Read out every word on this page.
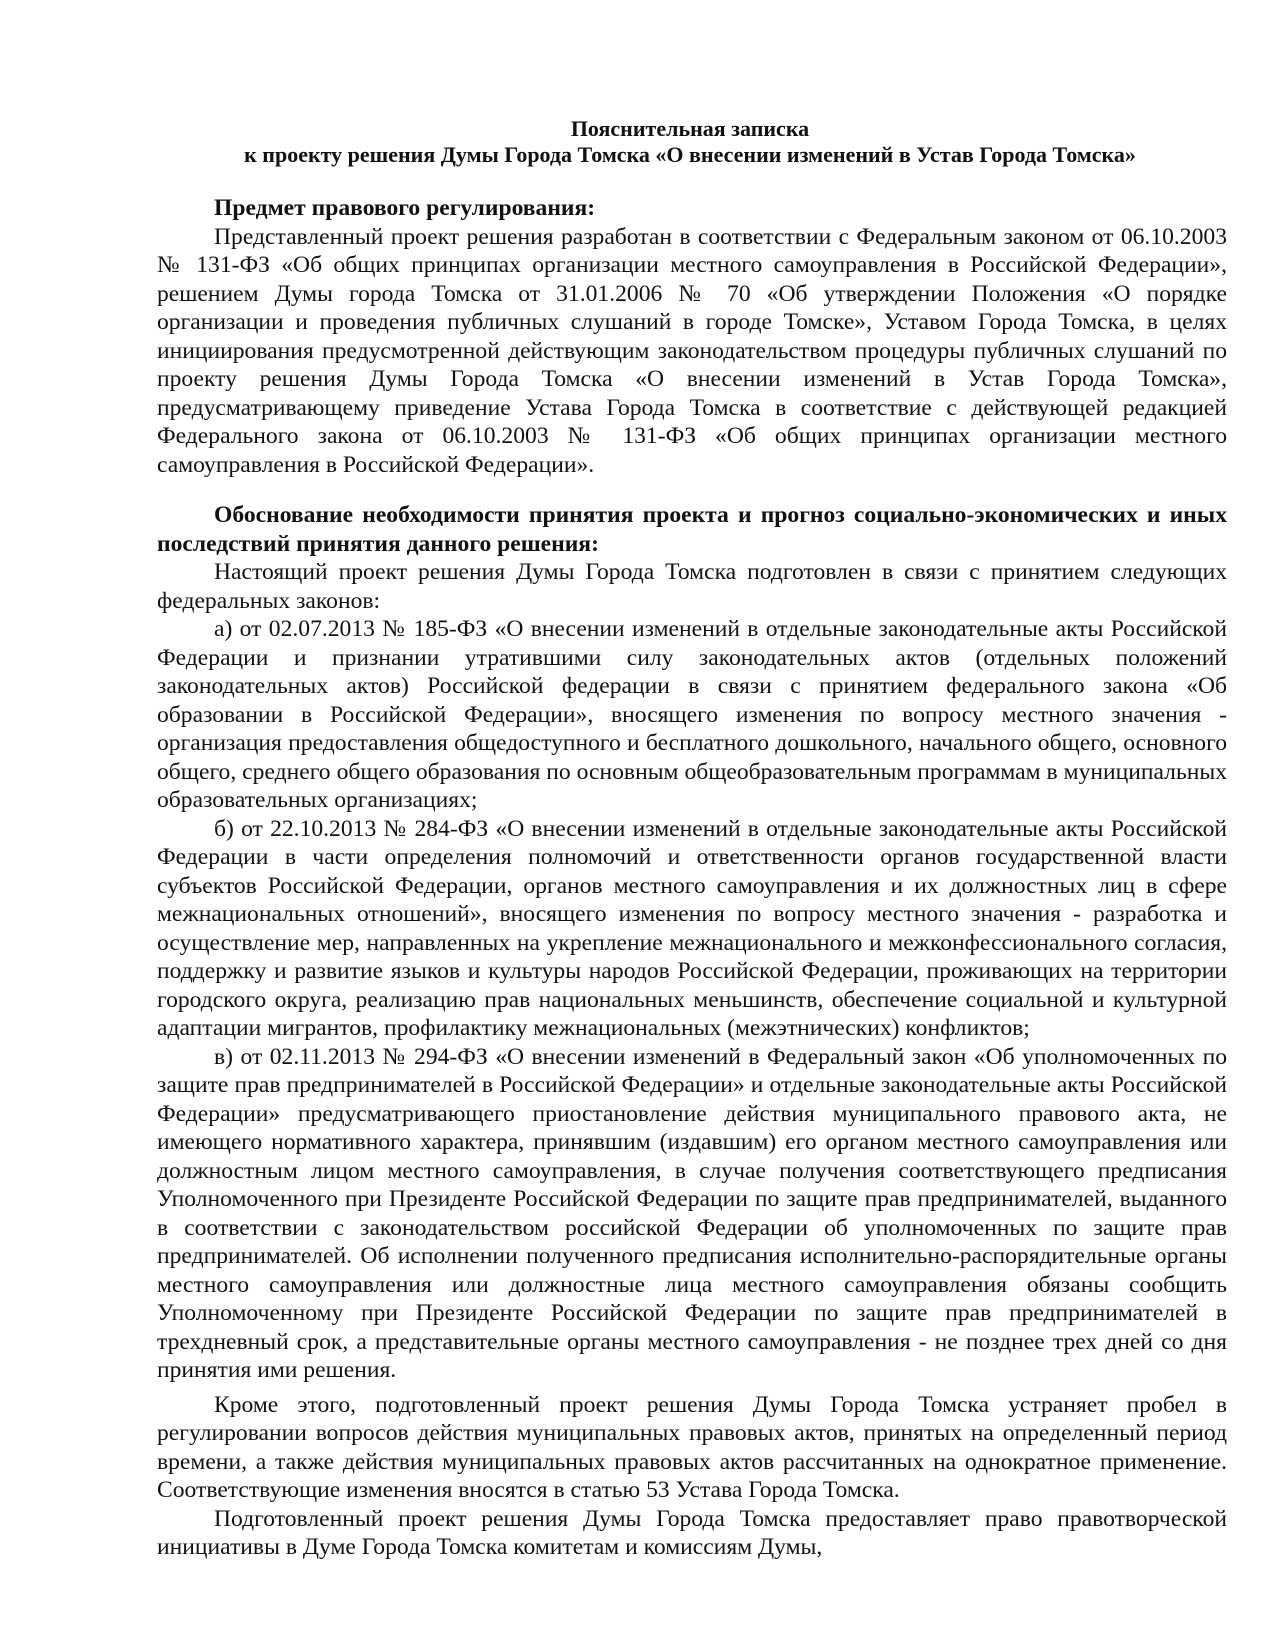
Пояснительная записка
к проекту решения Думы Города Томска «О внесении изменений в Устав Города Томска»

Предмет правового регулирования:

Представленный проект решения разработан в соответствии с Федеральным законом от 06.10.2003 № 131-ФЗ «Об общих принципах организации местного самоуправления в Российской Федерации», решением Думы города Томска от 31.01.2006 № 70 «Об утверждении Положения «О порядке организации и проведения публичных слушаний в городе Томске», Уставом Города Томска, в целях инициирования предусмотренной действующим законодательством процедуры публичных слушаний по проекту решения Думы Города Томска «О внесении изменений в Устав Города Томска», предусматривающему приведение Устава Города Томска в соответствие с действующей редакцией Федерального закона от 06.10.2003 № 131-ФЗ «Об общих принципах организации местного самоуправления в Российской Федерации».

Обоснование необходимости принятия проекта и прогноз социально-экономических и иных последствий принятия данного решения:

Настоящий проект решения Думы Города Томска подготовлен в связи с принятием следующих федеральных законов:

а) от 02.07.2013 № 185-ФЗ «О внесении изменений в отдельные законодательные акты Российской Федерации и признании утратившими силу законодательных актов (отдельных положений законодательных актов) Российской федерации в связи с принятием федерального закона «Об образовании в Российской Федерации», вносящего изменения по вопросу местного значения - организация предоставления общедоступного и бесплатного дошкольного, начального общего, основного общего, среднего общего образования по основным общеобразовательным программам в муниципальных образовательных организациях;

б) от 22.10.2013 № 284-ФЗ «О внесении изменений в отдельные законодательные акты Российской Федерации в части определения полномочий и ответственности органов государственной власти субъектов Российской Федерации, органов местного самоуправления и их должностных лиц в сфере межнациональных отношений», вносящего изменения по вопросу местного значения - разработка и осуществление мер, направленных на укрепление межнационального и межконфессионального согласия, поддержку и развитие языков и культуры народов Российской Федерации, проживающих на территории городского округа, реализацию прав национальных меньшинств, обеспечение социальной и культурной адаптации мигрантов, профилактику межнациональных (межэтнических) конфликтов;

в) от 02.11.2013 № 294-ФЗ «О внесении изменений в Федеральный закон «Об уполномоченных по защите прав предпринимателей в Российской Федерации» и отдельные законодательные акты Российской Федерации» предусматривающего приостановление действия муниципального правового акта, не имеющего нормативного характера, принявшим (издавшим) его органом местного самоуправления или должностным лицом местного самоуправления, в случае получения соответствующего предписания Уполномоченного при Президенте Российской Федерации по защите прав предпринимателей, выданного в соответствии с законодательством российской Федерации об уполномоченных по защите прав предпринимателей. Об исполнении полученного предписания исполнительно-распорядительные органы местного самоуправления или должностные лица местного самоуправления обязаны сообщить Уполномоченному при Президенте Российской Федерации по защите прав предпринимателей в трехдневный срок, а представительные органы местного самоуправления - не позднее трех дней со дня принятия ими решения.

Кроме этого, подготовленный проект решения Думы Города Томска устраняет пробел в регулировании вопросов действия муниципальных правовых актов, принятых на определенный период времени, а также действия муниципальных правовых актов рассчитанных на однократное применение. Соответствующие изменения вносятся в статью 53 Устава Города Томска.

Подготовленный проект решения Думы Города Томска предоставляет право правотворческой инициативы в Думе Города Томска комитетам и комиссиям Думы,
